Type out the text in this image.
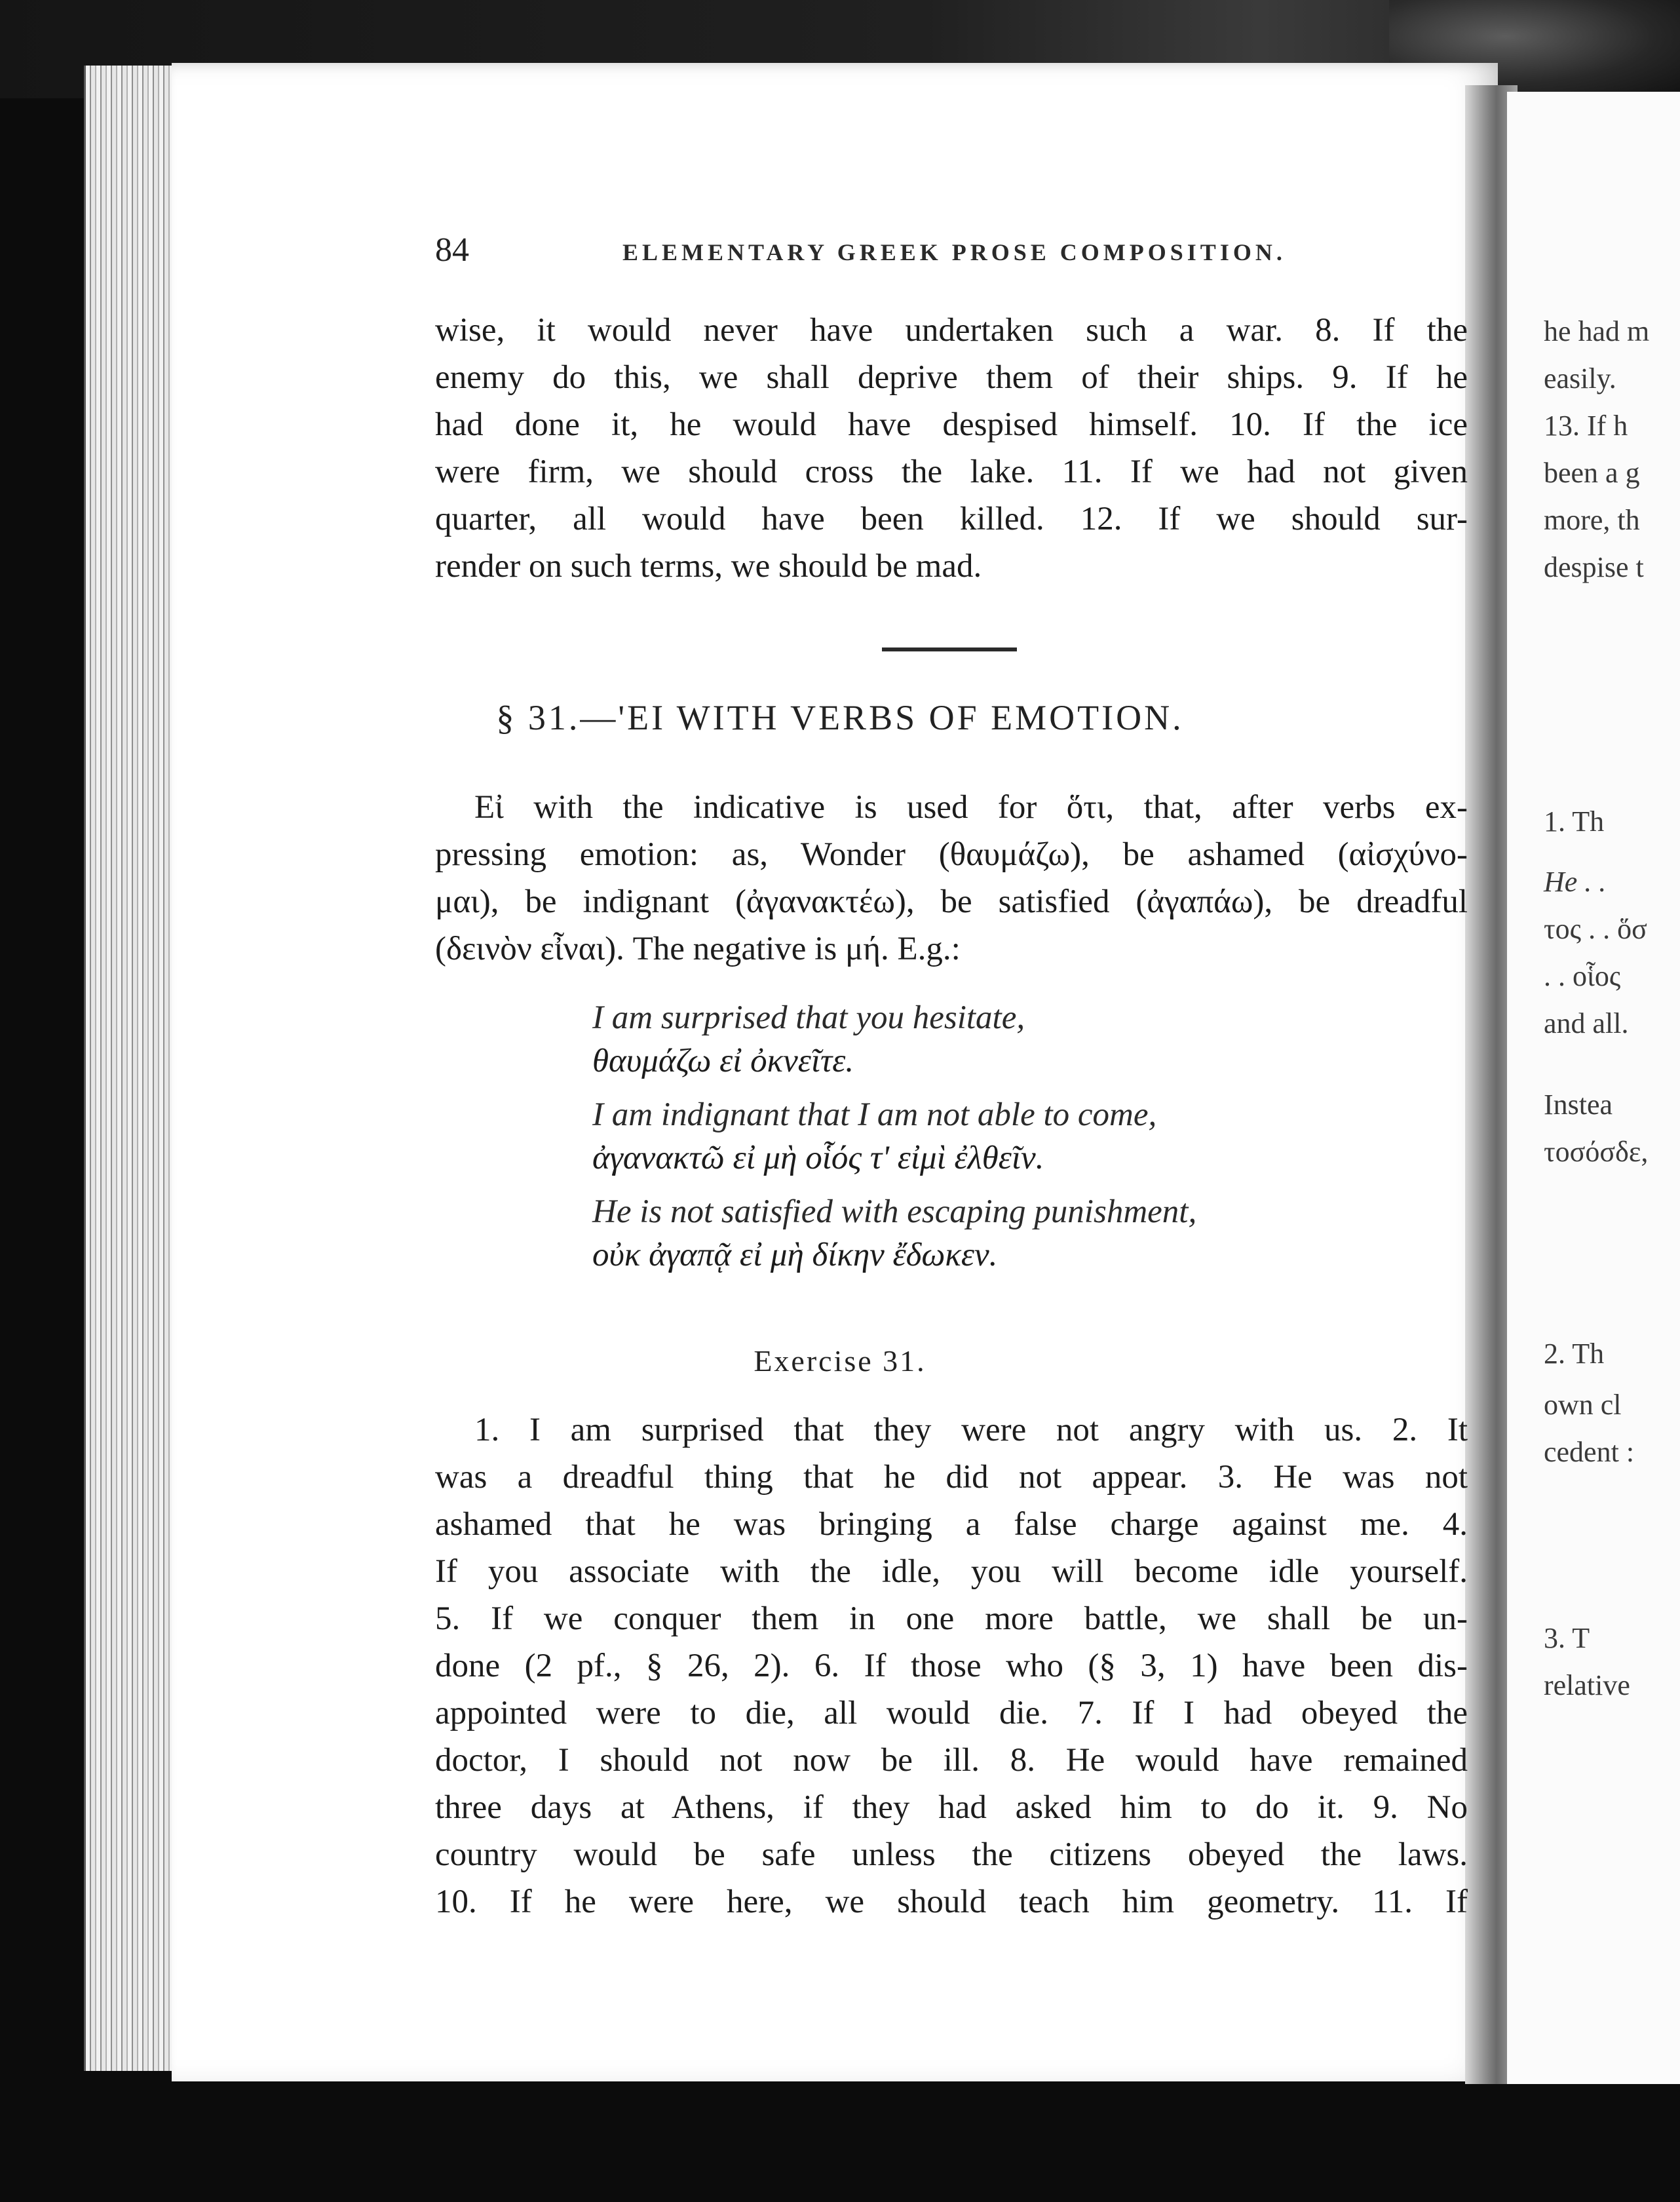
he had m
easily.
13. If h
been a g
more, th
despise t
1. Th
He . .
τος . . ὅσ
. . οἷος
and all.
Instea
τοσόσδε,
2. Th
own cl
cedent :
3. T
relative
84	ELEMENTARY GREEK PROSE COMPOSITION.
wise, it would never have undertaken such a war. 8. If the
enemy do this, we shall deprive them of their ships. 9. If he
had done it, he would have despised himself. 10. If the ice
were firm, we should cross the lake. 11. If we had not given
quarter, all would have been killed. 12. If we should sur-
render on such terms, we should be mad.
§ 31.—'EI WITH VERBS OF EMOTION.
Εἰ with the indicative is used for ὅτι, that, after verbs ex-
pressing emotion: as, Wonder (θαυμάζω), be ashamed (αἰσχύνο-
μαι), be indignant (ἀγανακτέω), be satisfied (ἀγαπάω), be dreadful
(δεινὸν εἶναι). The negative is μή. E.g.:
I am surprised that you hesitate,
θαυμάζω εἰ ὀκνεῖτε.
I am indignant that I am not able to come,
ἀγανακτῶ εἰ μὴ οἷός τ' εἰμὶ ἐλθεῖν.
He is not satisfied with escaping punishment,
οὐκ ἀγαπᾷ εἰ μὴ δίκην ἔδωκεν.
Exercise 31.
1. I am surprised that they were not angry with us. 2. It
was a dreadful thing that he did not appear. 3. He was not
ashamed that he was bringing a false charge against me. 4.
If you associate with the idle, you will become idle yourself.
5. If we conquer them in one more battle, we shall be un-
done (2 pf., § 26, 2). 6. If those who (§ 3, 1) have been dis-
appointed were to die, all would die. 7. If I had obeyed the
doctor, I should not now be ill. 8. He would have remained
three days at Athens, if they had asked him to do it. 9. No
country would be safe unless the citizens obeyed the laws.
10. If he were here, we should teach him geometry. 11. If
